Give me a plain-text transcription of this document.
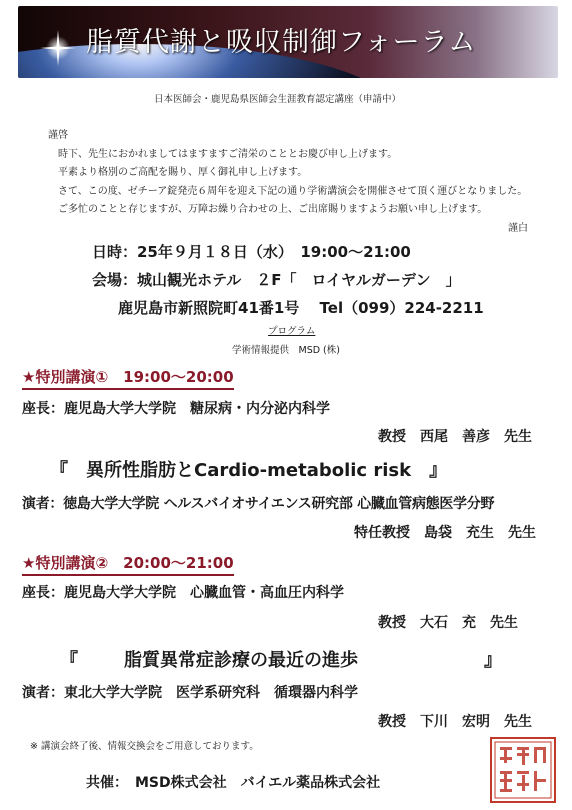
脂質代謝と吸収制御フォーラム
日本医師会・鹿児島県医師会生涯教育認定講座（申請中）
謹啓
時下、先生におかれましてはますますご清栄のこととお慶び申し上げます。
平素より格別のご高配を賜り、厚く御礼申し上げます。
さて、この度、ゼチーア錠発売６周年を迎え下記の通り学術講演会を開催させて頂く運びとなりました。
ご多忙のことと存じますが、万障お繰り合わせの上、ご出席賜りますようお願い申し上げます。
謹白
日時：25年９月１８日（水）　19:00～21:00
会場：城山観光ホテル　２F「　ロイヤルガーデン　」
鹿児島市新照院町41番1号　 Tel（099）224-2211
プログラム
学術情報提供　MSD (株)
★特別講演①　19:00～20:00
座長：鹿児島大学大学院　糖尿病・内分泌内科学
教授　西尾　善彦　先生
『　異所性脂肪とCardio-metabolic risk　』
演者：徳島大学大学院 ヘルスバイオサイエンス研究部 心臓血管病態医学分野
特任教授　島袋　充生　先生
★特別講演②　20:00～21:00
座長：鹿児島大学大学院　心臓血管・高血圧内科学
教授　大石　充　先生
『	脂質異常症診療の最近の進歩	』
演者：東北大学大学院　医学系研究科　循環器内科学
教授　下川　宏明　先生
※ 講演会終了後、情報交換会をご用意しております。
共催：　MSD株式会社　バイエル薬品株式会社
